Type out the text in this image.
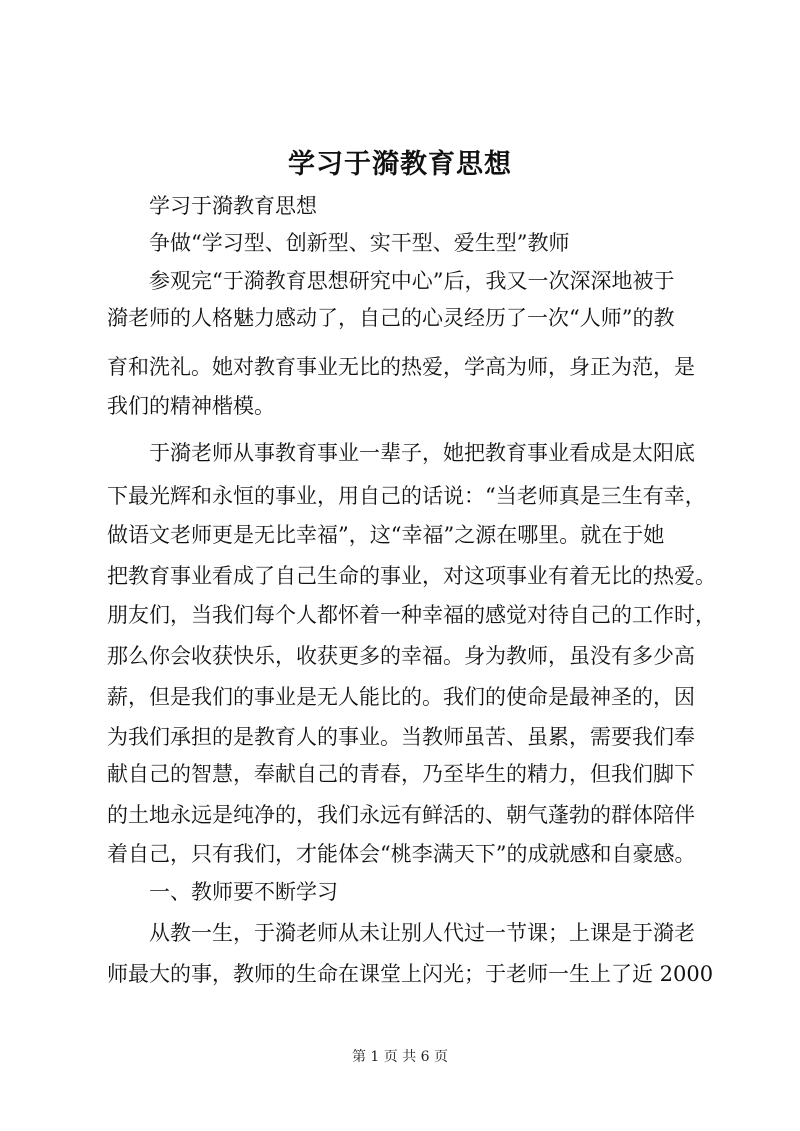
学习于漪教育思想
学习于漪教育思想
争做“学习型、创新型、实干型、爱生型”教师
参观完“于漪教育思想研究中心”后，我又一次深深地被于
漪老师的人格魅力感动了，自己的心灵经历了一次“人师”的教
育和洗礼。她对教育事业无比的热爱，学高为师，身正为范，是
我们的精神楷模。
于漪老师从事教育事业一辈子，她把教育事业看成是太阳底
下最光辉和永恒的事业，用自己的话说：“当老师真是三生有幸，
做语文老师更是无比幸福”，这“幸福”之源在哪里。就在于她
把教育事业看成了自己生命的事业，对这项事业有着无比的热爱。
朋友们，当我们每个人都怀着一种幸福的感觉对待自己的工作时，
那么你会收获快乐，收获更多的幸福。身为教师，虽没有多少高
薪，但是我们的事业是无人能比的。我们的使命是最神圣的，因
为我们承担的是教育人的事业。当教师虽苦、虽累，需要我们奉
献自己的智慧，奉献自己的青春，乃至毕生的精力，但我们脚下
的土地永远是纯净的，我们永远有鲜活的、朝气蓬勃的群体陪伴
着自己，只有我们，才能体会“桃李满天下”的成就感和自豪感。
一、教师要不断学习
从教一生，于漪老师从未让别人代过一节课；上课是于漪老
师最大的事，教师的生命在课堂上闪光；于老师一生上了近 2000
第 1 页 共 6 页
